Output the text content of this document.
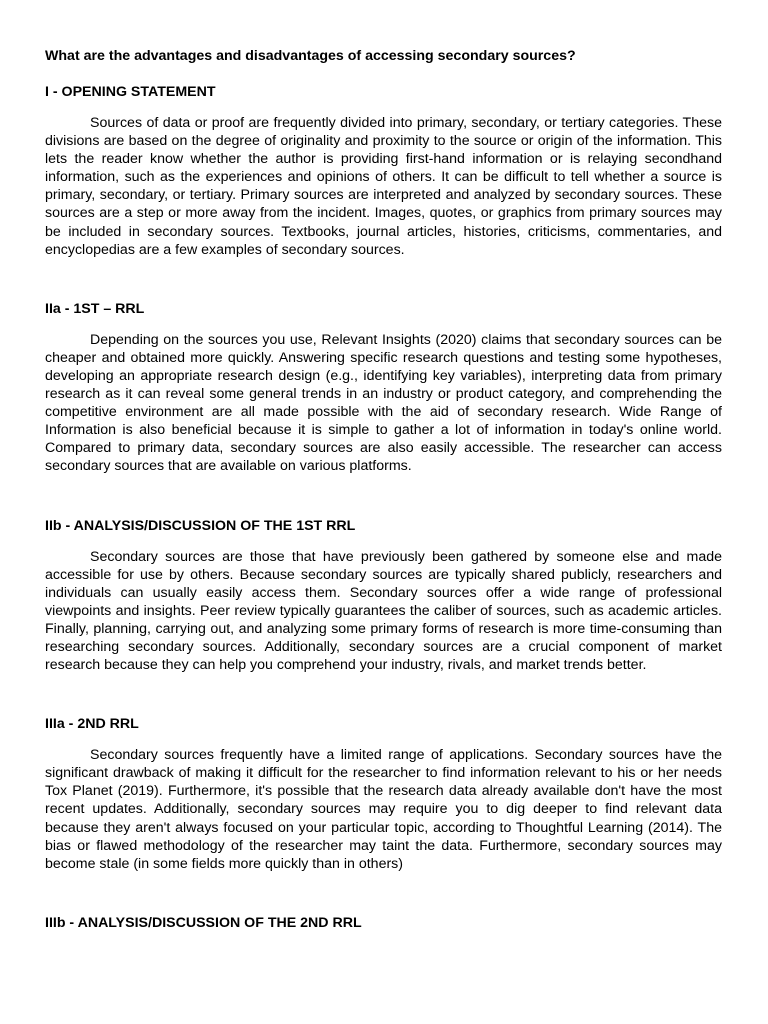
What are the advantages and disadvantages of accessing secondary sources?
I - OPENING STATEMENT

Sources of data or proof are frequently divided into primary, secondary, or tertiary categories. These divisions are based on the degree of originality and proximity to the source or origin of the information. This lets the reader know whether the author is providing first-hand information or is relaying secondhand information, such as the experiences and opinions of others. It can be difficult to tell whether a source is primary, secondary, or tertiary. Primary sources are interpreted and analyzed by secondary sources. These sources are a step or more away from the incident. Images, quotes, or graphics from primary sources may be included in secondary sources. Textbooks, journal articles, histories, criticisms, commentaries, and encyclopedias are a few examples of secondary sources.

IIa - 1ST – RRL

Depending on the sources you use, Relevant Insights (2020) claims that secondary sources can be cheaper and obtained more quickly. Answering specific research questions and testing some hypotheses, developing an appropriate research design (e.g., identifying key variables), interpreting data from primary research as it can reveal some general trends in an industry or product category, and comprehending the competitive environment are all made possible with the aid of secondary research. Wide Range of Information is also beneficial because it is simple to gather a lot of information in today's online world. Compared to primary data, secondary sources are also easily accessible. The researcher can access secondary sources that are available on various platforms.

IIb - ANALYSIS/DISCUSSION OF THE 1ST RRL

Secondary sources are those that have previously been gathered by someone else and made accessible for use by others. Because secondary sources are typically shared publicly, researchers and individuals can usually easily access them. Secondary sources offer a wide range of professional viewpoints and insights. Peer review typically guarantees the caliber of sources, such as academic articles. Finally, planning, carrying out, and analyzing some primary forms of research is more time-consuming than researching secondary sources. Additionally, secondary sources are a crucial component of market research because they can help you comprehend your industry, rivals, and market trends better.

IIIa - 2ND RRL

Secondary sources frequently have a limited range of applications. Secondary sources have the significant drawback of making it difficult for the researcher to find information relevant to his or her needs Tox Planet (2019). Furthermore, it's possible that the research data already available don't have the most recent updates. Additionally, secondary sources may require you to dig deeper to find relevant data because they aren't always focused on your particular topic, according to Thoughtful Learning (2014). The bias or flawed methodology of the researcher may taint the data. Furthermore, secondary sources may become stale (in some fields more quickly than in others)

IIIb - ANALYSIS/DISCUSSION OF THE 2ND RRL
